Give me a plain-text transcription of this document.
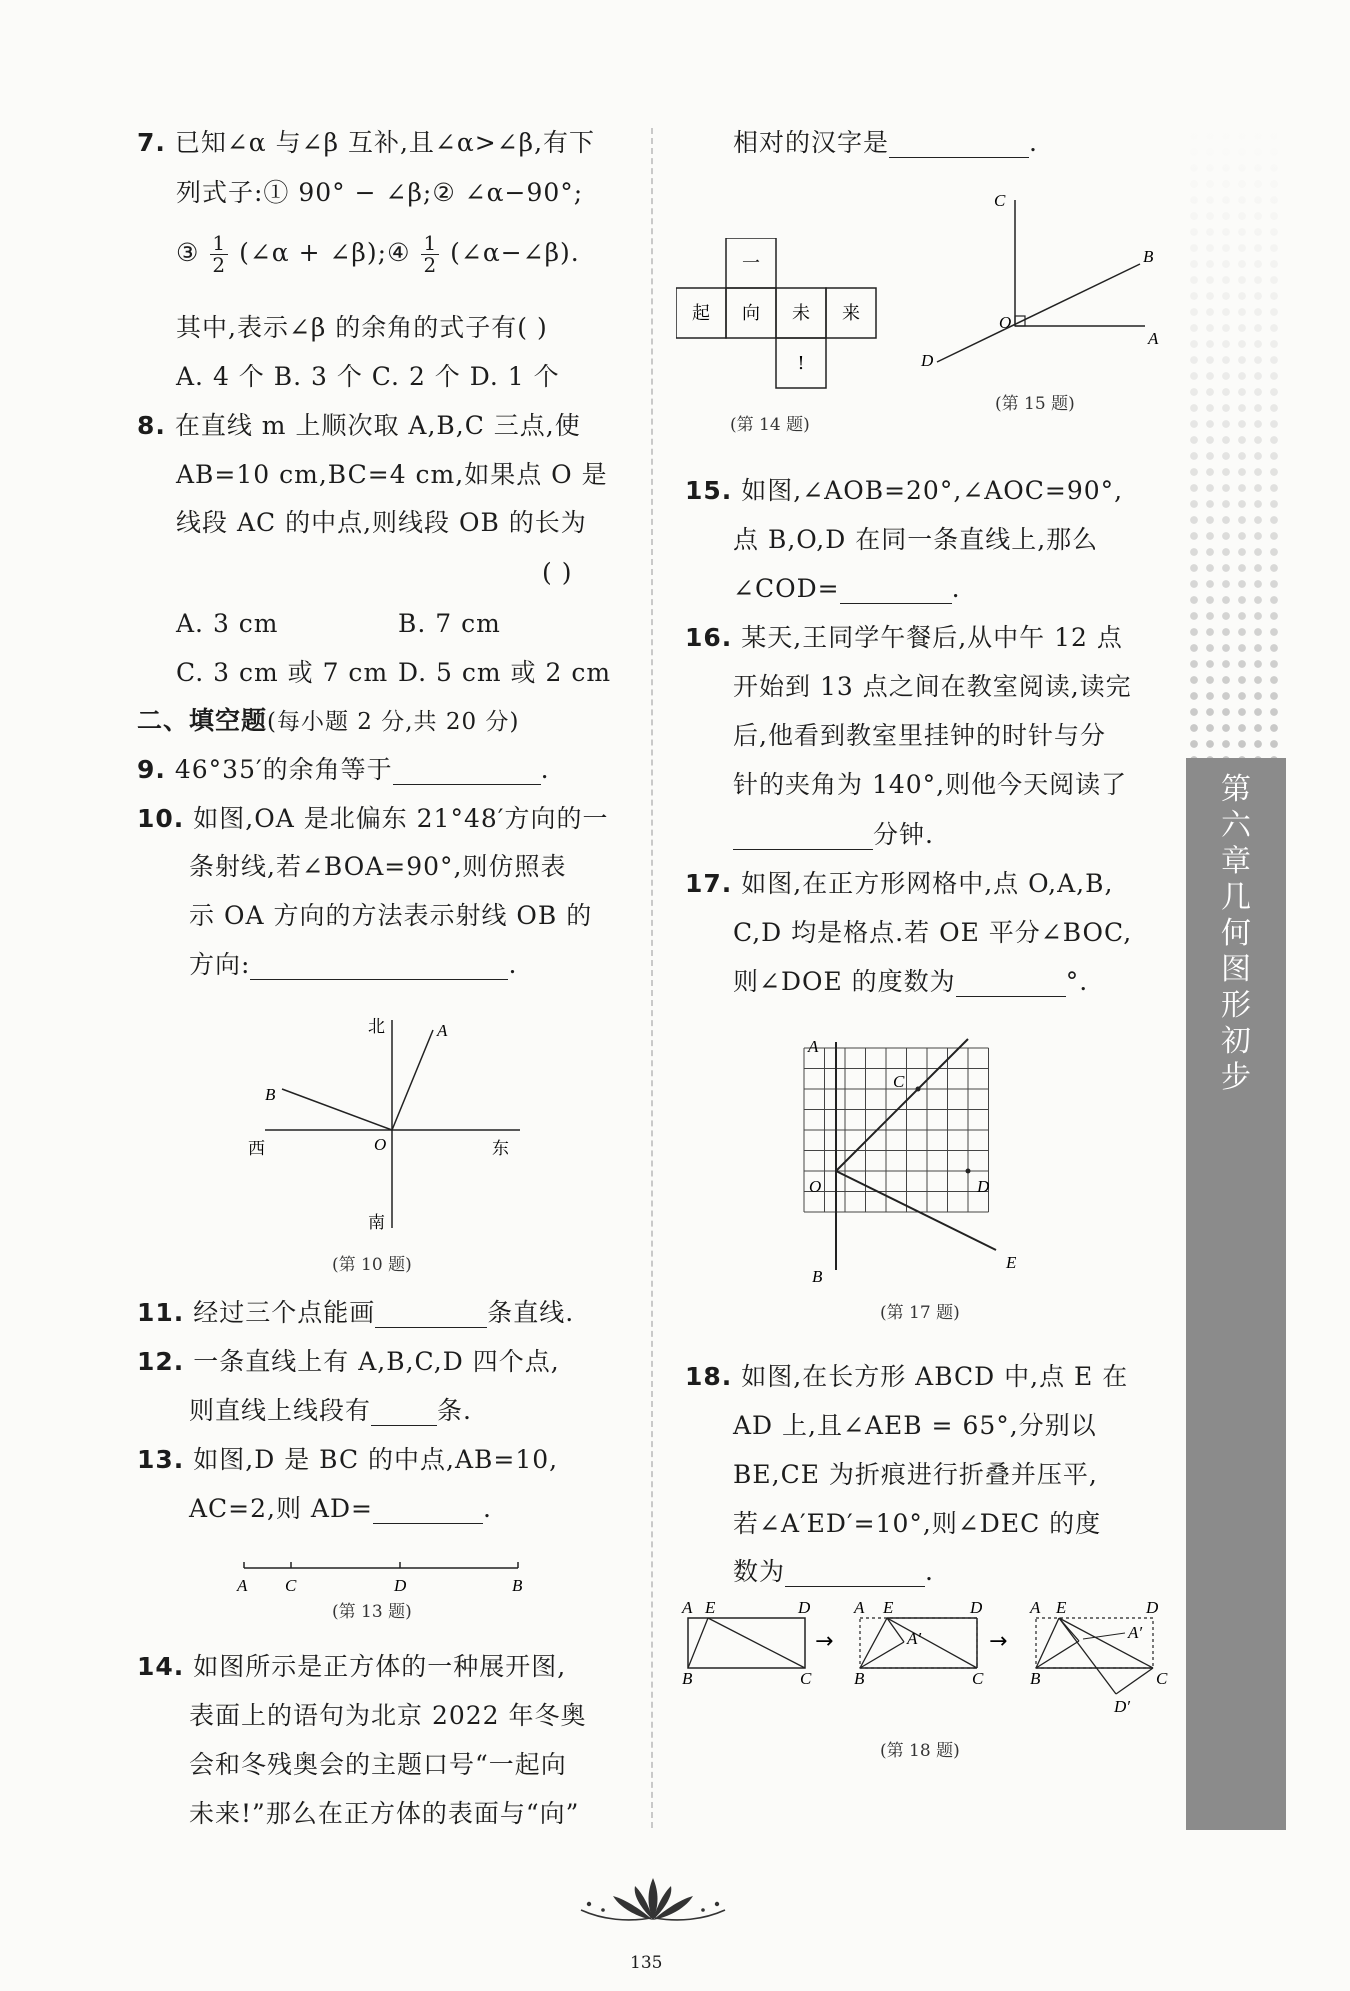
第六章 几何图形初步
7. 已知∠α 与∠β 互补,且∠α>∠β,有下
列式子:① 90° − ∠β;② ∠α−90°;
③ $\frac{1}{2}$ (∠α + ∠β);④ $\frac{1}{2}$ (∠α−∠β).
其中,表示∠β 的余角的式子有( )
A. 4 个 B. 3 个 C. 2 个 D. 1 个
8. 在直线 m 上顺次取 A,B,C 三点,使
AB=10 cm,BC=4 cm,如果点 O 是
线段 AC 的中点,则线段 OB 的长为
( )
A. 3 cm	B. 7 cm
C. 3 cm 或 7 cm D. 5 cm 或 2 cm
二、填空题(每小题 2 分,共 20 分)
9. 46°35′的余角等于	.
10. 如图,OA 是北偏东 21°48′方向的一
条射线,若∠BOA=90°,则仿照表
示 OA 方向的方法表示射线 OB 的
方向:	.
北
南
西	东
O
A
B
(第 10 题)
11. 经过三个点能画	条直线.
12. 一条直线上有 A,B,C,D 四个点,
则直线上线段有	条.
13. 如图,D 是 BC 的中点,AB=10,
AC=2,则 AD=	.
A C	D	B
(第 13 题)
14. 如图所示是正方体的一种展开图,
表面上的语句为北京 2022 年冬奥
会和冬残奥会的主题口号“一起向
未来!”那么在正方体的表面与“向”
相对的汉字是	.
一
起 向 未 来
!
(第 14 题)
C
B
O
A
D
(第 15 题)
15. 如图,∠AOB=20°,∠AOC=90°,
点 B,O,D 在同一条直线上,那么
∠COD=	.
16. 某天,王同学午餐后,从中午 12 点
开始到 13 点之间在教室阅读,读完
后,他看到教室里挂钟的时针与分
针的夹角为 140°,则他今天阅读了
分钟.
17. 如图,在正方形网格中,点 O,A,B,
C,D 均是格点.若 OE 平分∠BOC,
则∠DOE 的度数为	°.
A
C
O	D
B
E
(第 17 题)
18. 如图,在长方形 ABCD 中,点 E 在
AD 上,且∠AEB = 65°,分别以
BE,CE 为折痕进行折叠并压平,
若∠A′ED′=10°,则∠DEC 的度
数为	.
A E	D
B	C
→
A E	D
A′
B	C
→
A E	D
A′
B	C
D′
(第 18 题)
135
